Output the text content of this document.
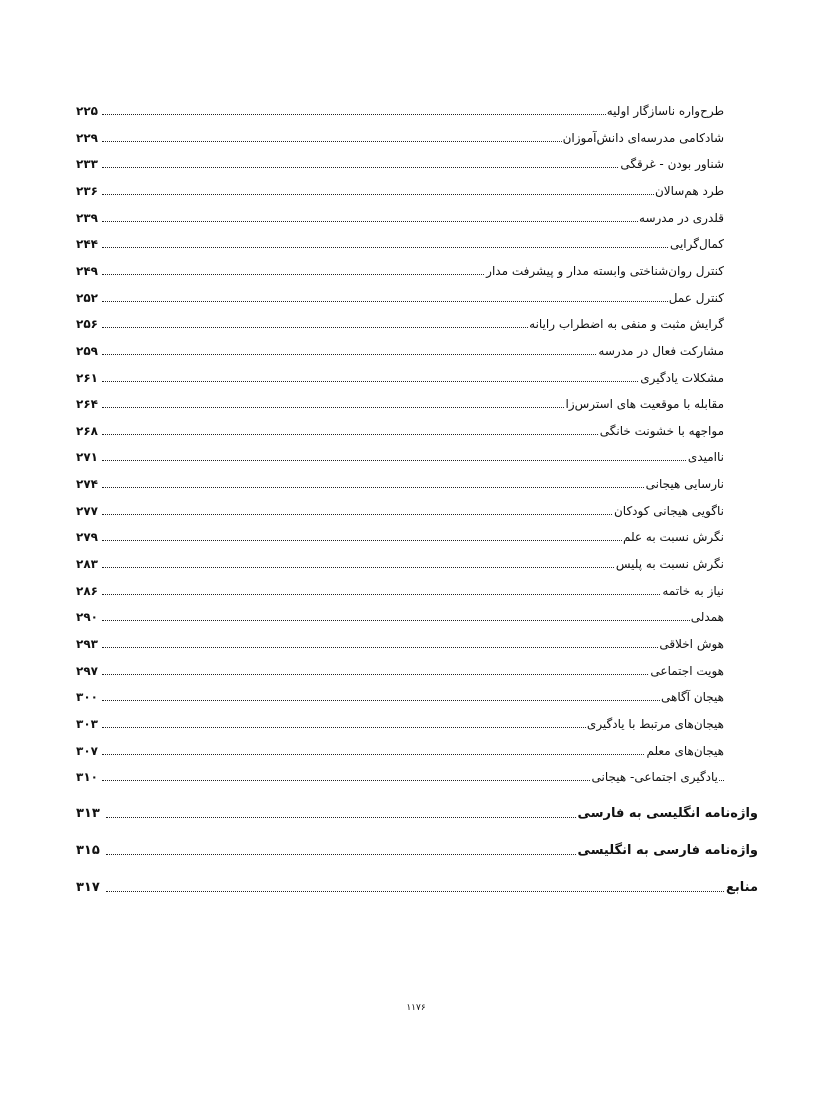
طرح‌واره ناسازگار اولیه
۲۲۵
شادکامی مدرسه‌ای دانش‌آموزان
۲۲۹
شناور بودن - غرقگی
۲۳۳
طرد هم‌سالان
۲۳۶
قلدری در مدرسه
۲۳۹
کمال‌گرایی
۲۴۴
کنترل روان‌شناختی وابسته مدار و پیشرفت مدار
۲۴۹
کنترل عمل
۲۵۲
گرایش مثبت و منفی به اضطراب رایانه
۲۵۶
مشارکت فعال در مدرسه
۲۵۹
مشکلات یادگیری
۲۶۱
مقابله با موقعیت های استرس‌زا
۲۶۴
مواجهه با خشونت خانگی
۲۶۸
ناامیدی
۲۷۱
نارسایی هیجانی
۲۷۴
ناگویی هیجانی کودکان
۲۷۷
نگرش نسبت به علم
۲۷۹
نگرش نسبت به پلیس
۲۸۳
نیاز به خاتمه
۲۸۶
همدلی
۲۹۰
هوش اخلاقی
۲۹۳
هویت اجتماعی
۲۹۷
هیجان آگاهی
۳۰۰
هیجان‌های مرتبط با یادگیری
۳۰۳
هیجان‌های معلم
۳۰۷
یادگیری اجتماعی- هیجانی
۳۱۰
واژه‌نامه انگلیسی به فارسی
۳۱۳
واژه‌نامه فارسی به انگلیسی
۳۱۵
منابع
۳۱۷
۱۱۷۶
